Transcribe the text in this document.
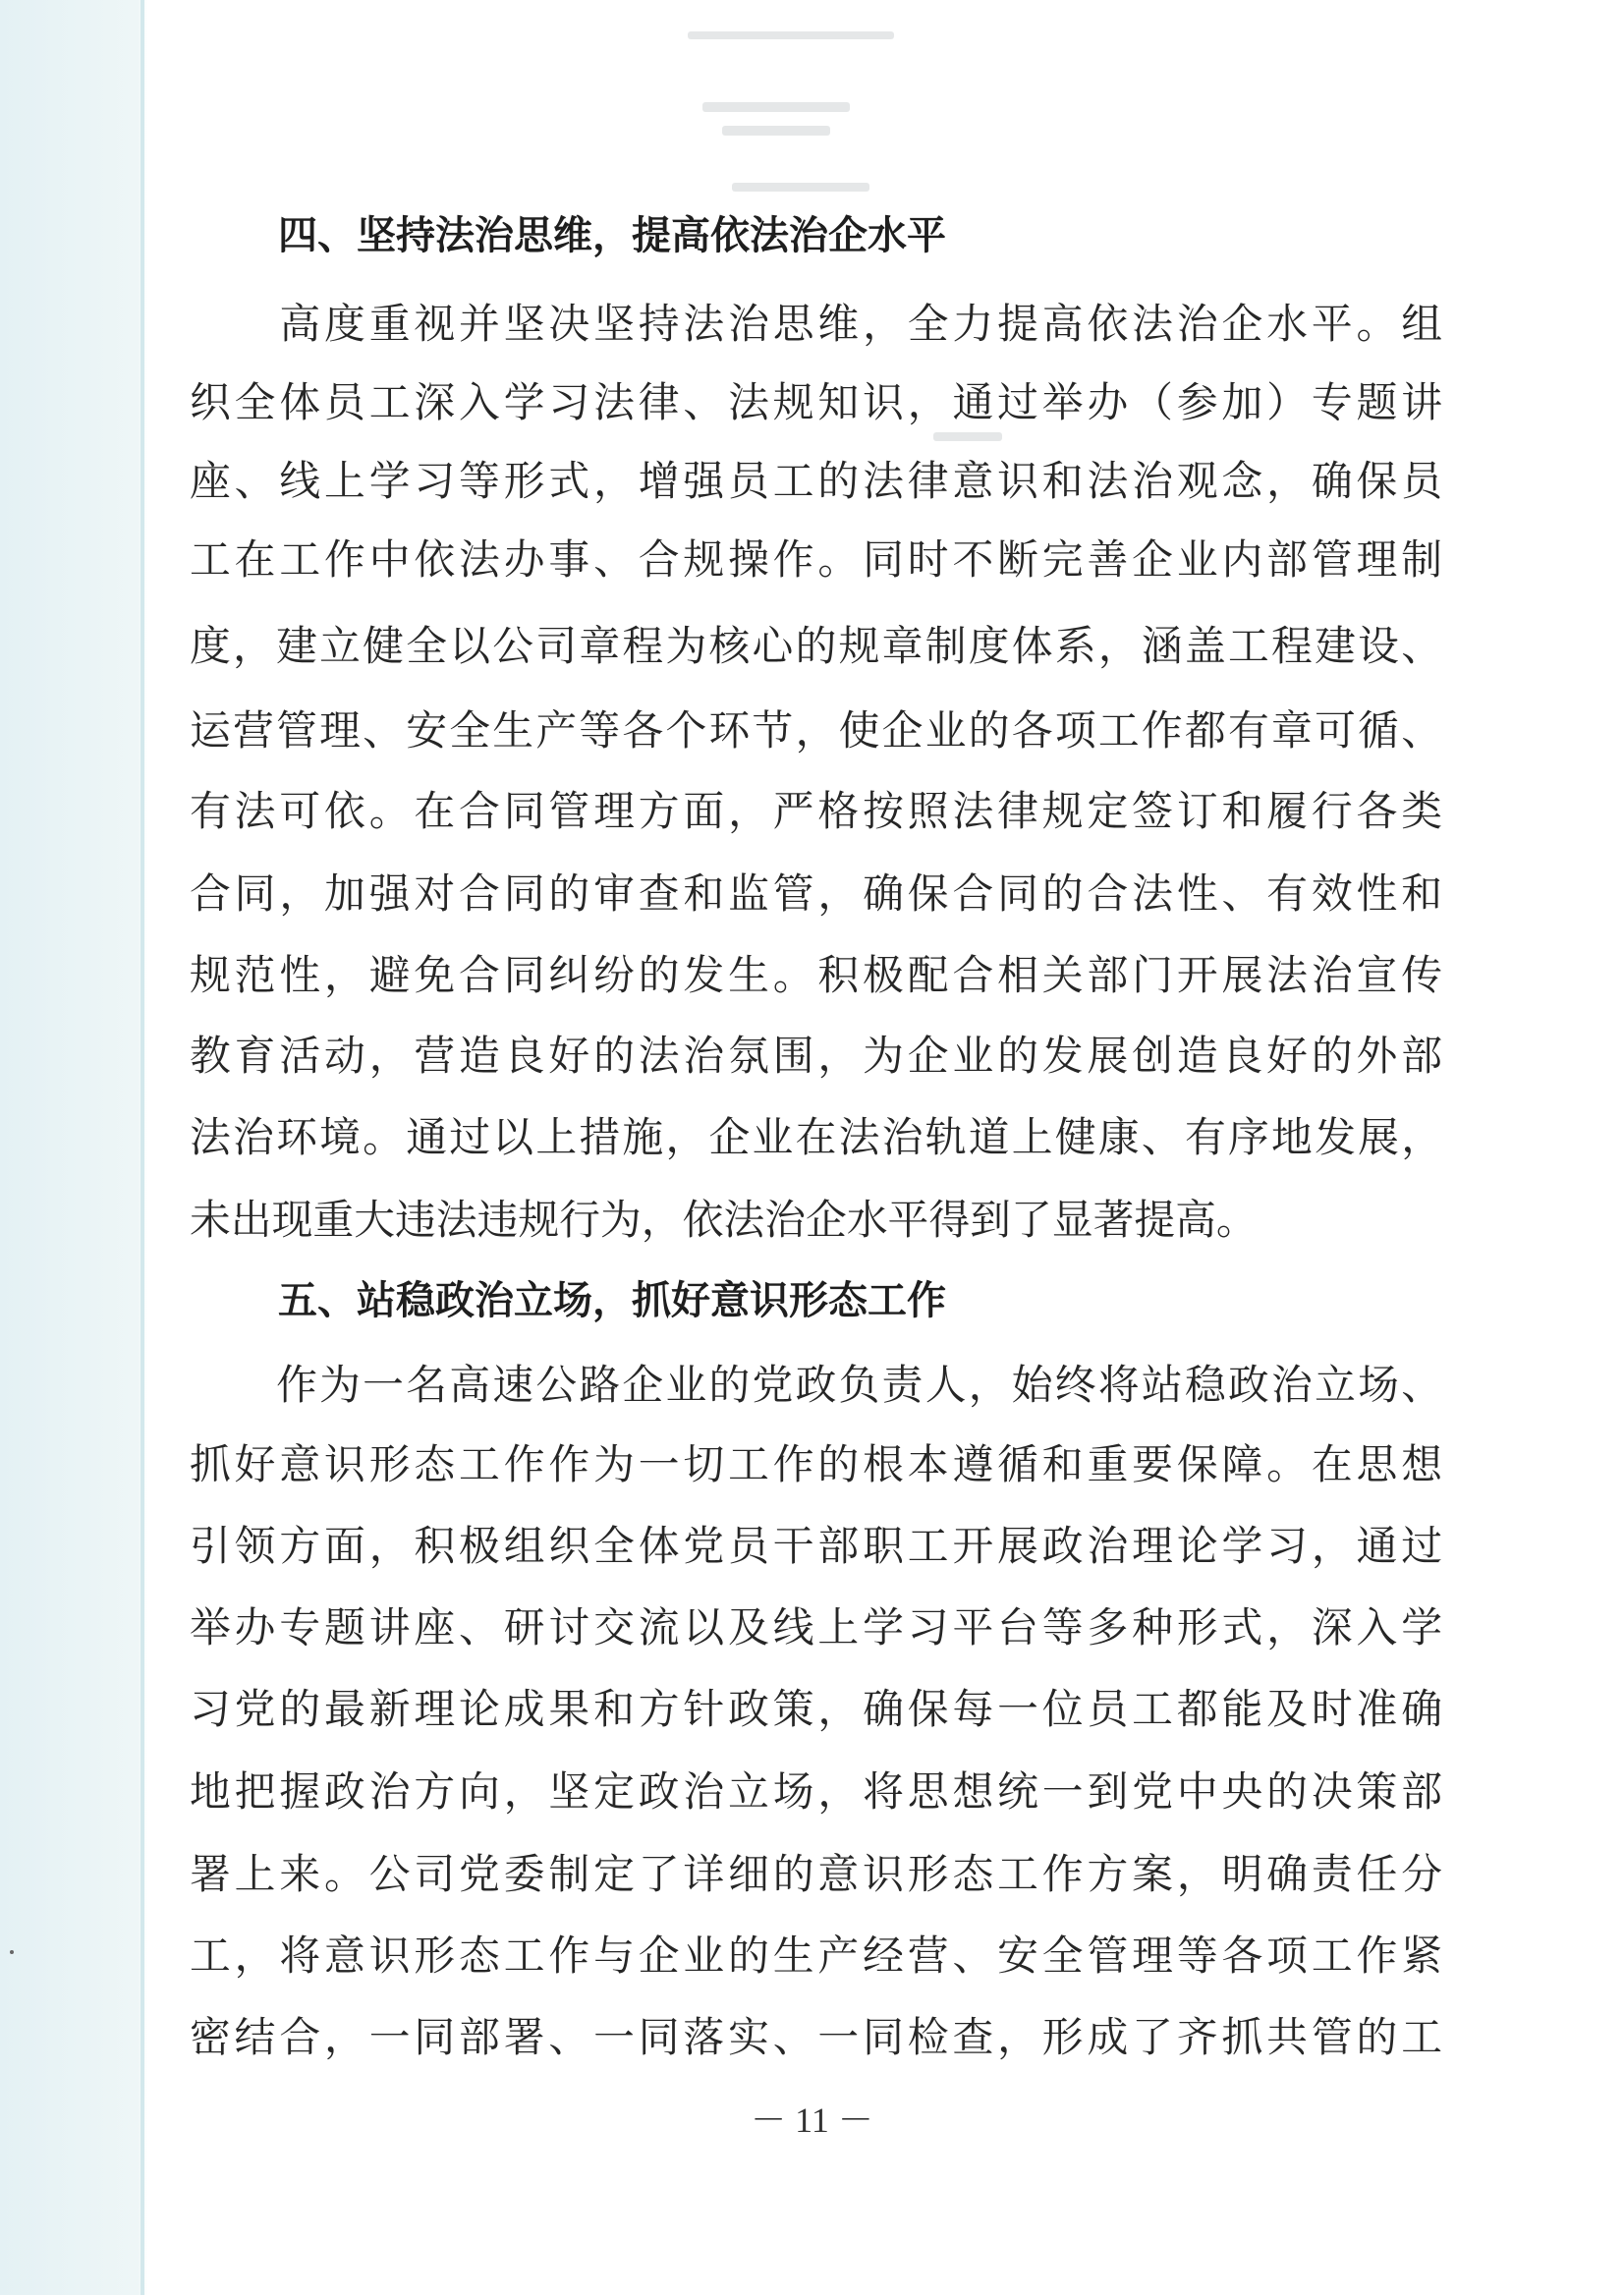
四、坚持法治思维，提高依法治企水平
　　高度重视并坚决坚持法治思维，全力提高依法治企水平。组
织全体员工深入学习法律、法规知识，通过举办（参加）专题讲
座、线上学习等形式，增强员工的法律意识和法治观念，确保员
工在工作中依法办事、合规操作。同时不断完善企业内部管理制
度，建立健全以公司章程为核心的规章制度体系，涵盖工程建设、
运营管理、安全生产等各个环节，使企业的各项工作都有章可循、
有法可依。在合同管理方面，严格按照法律规定签订和履行各类
合同，加强对合同的审查和监管，确保合同的合法性、有效性和
规范性，避免合同纠纷的发生。积极配合相关部门开展法治宣传
教育活动，营造良好的法治氛围，为企业的发展创造良好的外部
法治环境。通过以上措施，企业在法治轨道上健康、有序地发展，
未出现重大违法违规行为，依法治企水平得到了显著提高。
五、站稳政治立场，抓好意识形态工作
　　作为一名高速公路企业的党政负责人，始终将站稳政治立场、
抓好意识形态工作作为一切工作的根本遵循和重要保障。在思想
引领方面，积极组织全体党员干部职工开展政治理论学习，通过
举办专题讲座、研讨交流以及线上学习平台等多种形式，深入学
习党的最新理论成果和方针政策，确保每一位员工都能及时准确
地把握政治方向，坚定政治立场，将思想统一到党中央的决策部
署上来。公司党委制定了详细的意识形态工作方案，明确责任分
工，将意识形态工作与企业的生产经营、安全管理等各项工作紧
密结合，一同部署、一同落实、一同检查，形成了齐抓共管的工
－ 11 －
